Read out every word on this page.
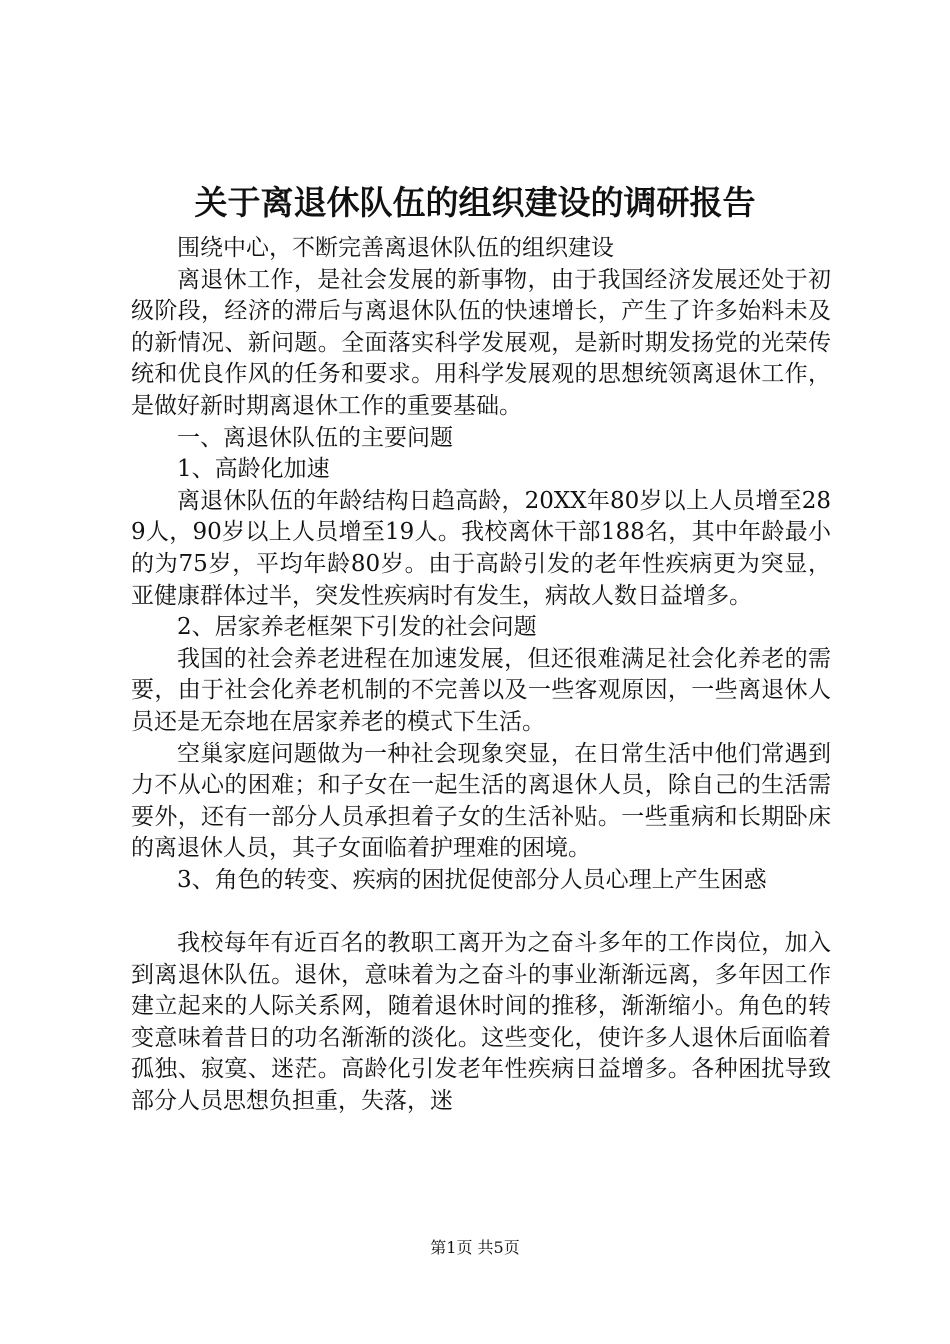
关于离退休队伍的组织建设的调研报告

围绕中心，不断完善离退休队伍的组织建设

离退休工作，是社会发展的新事物，由于我国经济发展还处于初级阶段，经济的滞后与离退休队伍的快速增长，产生了许多始料未及的新情况、新问题。全面落实科学发展观，是新时期发扬党的光荣传统和优良作风的任务和要求。用科学发展观的思想统领离退休工作，是做好新时期离退休工作的重要基础。

一、离退休队伍的主要问题

1、高龄化加速

离退休队伍的年龄结构日趋高龄，20XX年80岁以上人员增至289人，90岁以上人员增至19人。我校离休干部188名，其中年龄最小的为75岁，平均年龄80岁。由于高龄引发的老年性疾病更为突显，亚健康群体过半，突发性疾病时有发生，病故人数日益增多。

2、居家养老框架下引发的社会问题

我国的社会养老进程在加速发展，但还很难满足社会化养老的需要，由于社会化养老机制的不完善以及一些客观原因，一些离退休人员还是无奈地在居家养老的模式下生活。

空巢家庭问题做为一种社会现象突显，在日常生活中他们常遇到力不从心的困难；和子女在一起生活的离退休人员，除自己的生活需要外，还有一部分人员承担着子女的生活补贴。一些重病和长期卧床的离退休人员，其子女面临着护理难的困境。

3、角色的转变、疾病的困扰促使部分人员心理上产生困惑

我校每年有近百名的教职工离开为之奋斗多年的工作岗位，加入到离退休队伍。退休，意味着为之奋斗的事业渐渐远离，多年因工作建立起来的人际关系网，随着退休时间的推移，渐渐缩小。角色的转变意味着昔日的功名渐渐的淡化。这些变化，使许多人退休后面临着孤独、寂寞、迷茫。高龄化引发老年性疾病日益增多。各种困扰导致部分人员思想负担重，失落，迷

第1页 共5页
